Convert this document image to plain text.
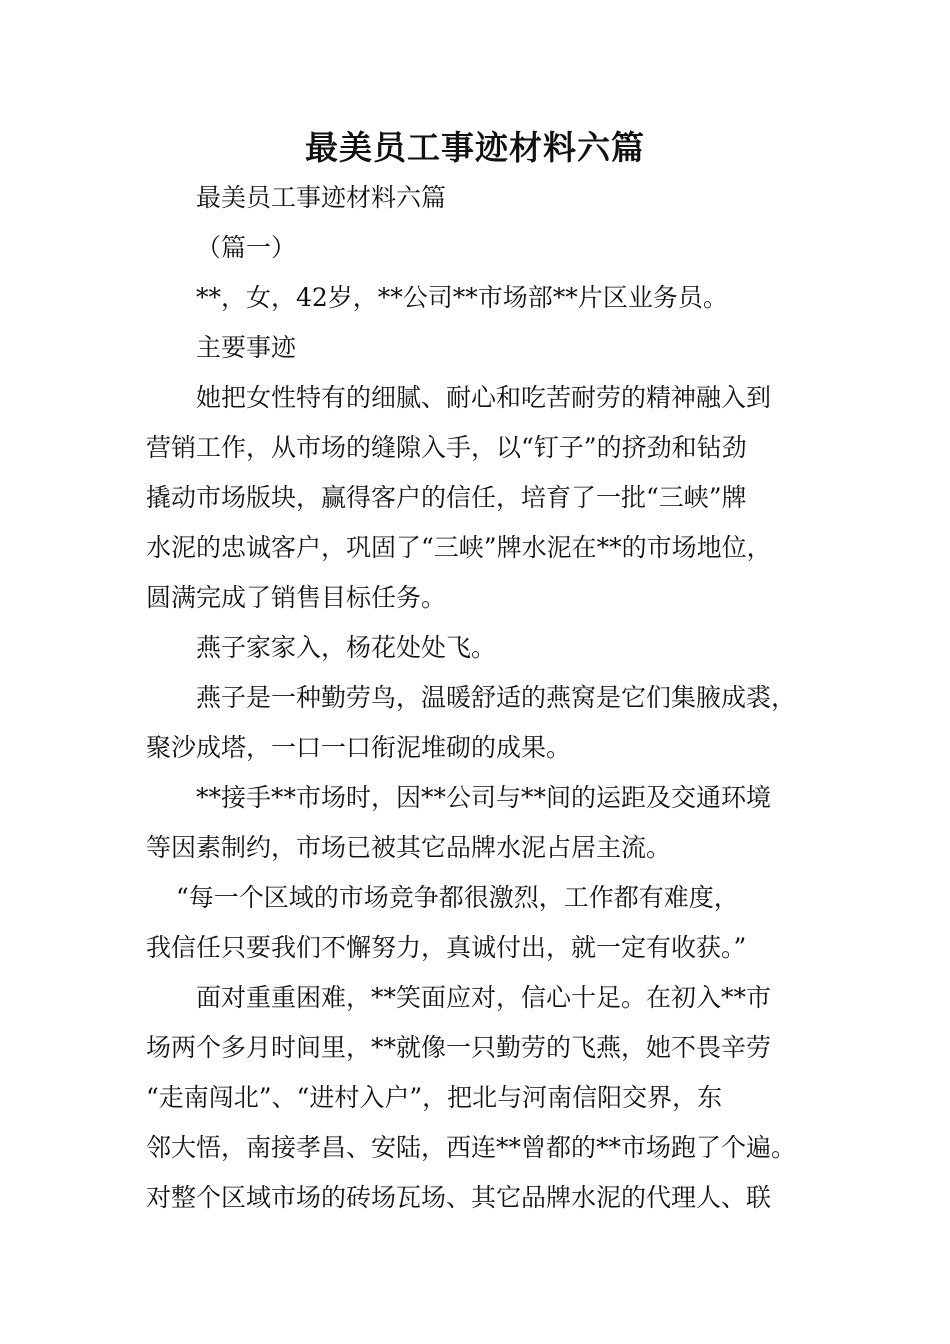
最美员工事迹材料六篇

最美员工事迹材料六篇

（篇一）

**，女，42岁，**公司**市场部**片区业务员。

主要事迹

她把女性特有的细腻、耐心和吃苦耐劳的精神融入到

营销工作，从市场的缝隙入手，以“钉子”的挤劲和钻劲

撬动市场版块，赢得客户的信任，培育了一批“三峡”牌

水泥的忠诚客户，巩固了“三峡”牌水泥在**的市场地位，

圆满完成了销售目标任务。

燕子家家入，杨花处处飞。

燕子是一种勤劳鸟，温暖舒适的燕窝是它们集腋成裘，

聚沙成塔，一口一口衔泥堆砌的成果。

**接手**市场时，因**公司与**间的运距及交通环境

等因素制约，市场已被其它品牌水泥占居主流。

“每一个区域的市场竞争都很激烈，工作都有难度，

我信任只要我们不懈努力，真诚付出，就一定有收获。”

面对重重困难，**笑面应对，信心十足。在初入**市

场两个多月时间里，**就像一只勤劳的飞燕，她不畏辛劳

“走南闯北”、“进村入户”，把北与河南信阳交界，东

邻大悟，南接孝昌、安陆，西连**曾都的**市场跑了个遍。

对整个区域市场的砖场瓦场、其它品牌水泥的代理人、联
